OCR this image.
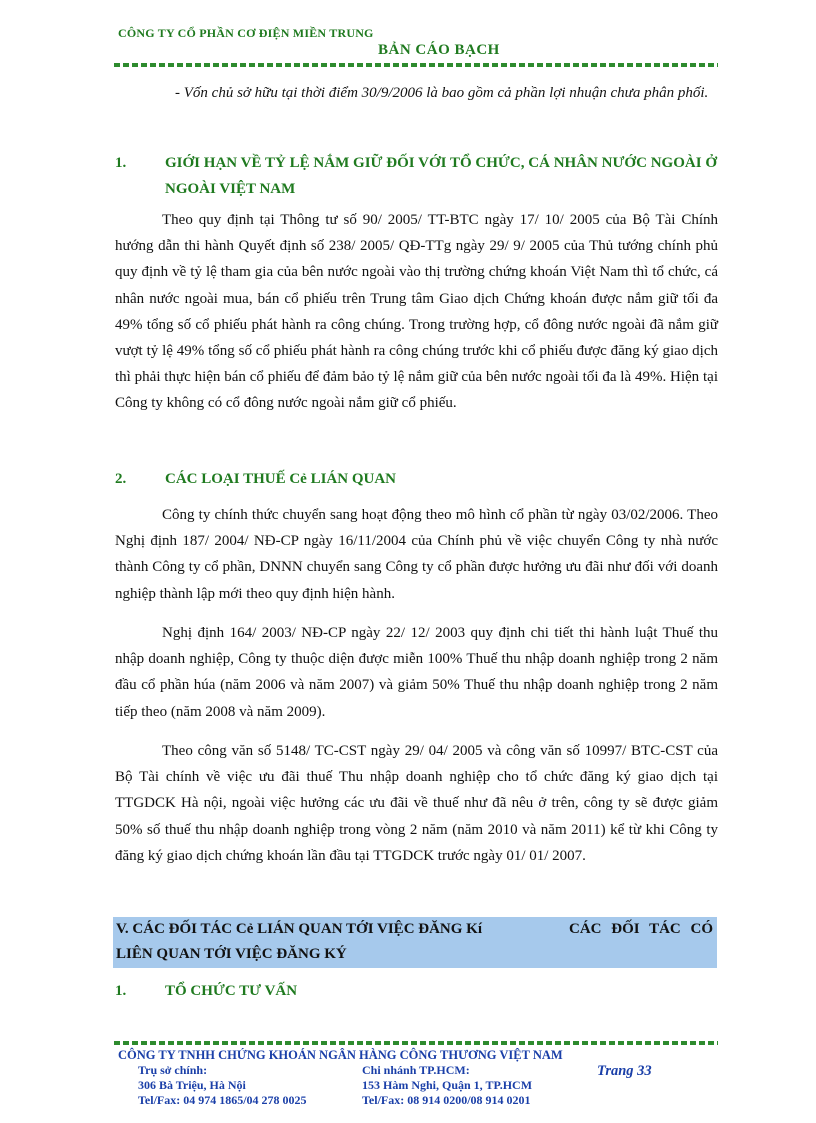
CÔNG TY CỔ PHẦN CƠ ĐIỆN MIỀN TRUNG
BẢN CÁO BẠCH
- Vốn chủ sở hữu tại thời điểm 30/9/2006 là bao gồm cả phần lợi nhuận chưa phân phối.
1.	GIỚI HẠN VỀ TỶ LỆ NẮM GIỮ ĐỐI VỚI TỔ CHỨC, CÁ NHÂN NƯỚC NGOÀI Ở NGOÀI VIỆT NAM
Theo quy định tại Thông tư số 90/ 2005/ TT-BTC ngày 17/ 10/ 2005 của Bộ Tài Chính hướng dẫn thi hành Quyết định số 238/ 2005/ QĐ-TTg ngày 29/ 9/ 2005 của Thủ tướng chính phủ quy định về tỷ lệ tham gia của bên nước ngoài vào thị trường chứng khoán Việt Nam thì tổ chức, cá nhân nước ngoài mua, bán cổ phiếu trên Trung tâm Giao dịch Chứng khoán được nắm giữ tối đa 49% tổng số cổ phiếu phát hành ra công chúng. Trong trường hợp, cổ đông nước ngoài đã nắm giữ vượt tỷ lệ 49% tổng số cổ phiếu phát hành ra công chúng trước khi cổ phiếu được đăng ký giao dịch thì phải thực hiện bán cổ phiếu để đảm bảo tỷ lệ nắm giữ của bên nước ngoài tối đa là 49%. Hiện tại Công ty không có cổ đông nước ngoài nắm giữ cổ phiếu.
2.	CÁC LOẠI THUẾ Cẻ LIÁN QUAN
Công ty chính thức chuyển sang hoạt động theo mô hình cổ phần từ ngày 03/02/2006. Theo Nghị định 187/ 2004/ NĐ-CP ngày 16/11/2004 của Chính phủ về việc chuyển Công ty nhà nước thành Công ty cổ phần, DNNN chuyển sang Công ty cổ phần được hưởng ưu đãi như đối với doanh nghiệp thành lập mới theo quy định hiện hành.
Nghị định 164/ 2003/ NĐ-CP ngày 22/ 12/ 2003 quy định chi tiết thi hành luật Thuế thu nhập doanh nghiệp, Công ty thuộc diện được miễn 100% Thuế thu nhập doanh nghiệp trong 2 năm đầu cổ phần húa (năm 2006 và năm 2007) và giảm 50% Thuế thu nhập doanh nghiệp trong 2 năm tiếp theo (năm 2008 và năm 2009).
Theo công văn số 5148/ TC-CST ngày 29/ 04/ 2005 và công văn số 10997/ BTC-CST của Bộ Tài chính về việc ưu đãi thuế Thu nhập doanh nghiệp cho tổ chức đăng ký giao dịch tại TTGDCK Hà nội, ngoài việc hưởng các ưu đãi về thuế như đã nêu ở trên, công ty sẽ được giảm 50% số thuế thu nhập doanh nghiệp trong vòng 2 năm (năm 2010 và năm 2011) kể từ khi Công ty đăng ký giao dịch chứng khoán lần đầu tại TTGDCK trước ngày 01/ 01/ 2007.
V. CÁC ĐỐI TÁC Cẻ LIÁN QUAN TỚI VIỆC ĐĂNG Kí	CÁC ĐỐI TÁC CÓ
LIÊN QUAN TỚI VIỆC ĐĂNG KÝ
1.	TỔ CHỨC TƯ VẤN
CÔNG TY TNHH CHỨNG KHOÁN NGÂN HÀNG CÔNG THƯƠNG VIỆT NAM
Trụ sở chính:
306 Bà Triệu, Hà Nội
Tel/Fax: 04 974 1865/04 278 0025
Chi nhánh TP.HCM:
153 Hàm Nghi, Quận 1, TP.HCM
Tel/Fax: 08 914 0200/08 914 0201
Trang 33
